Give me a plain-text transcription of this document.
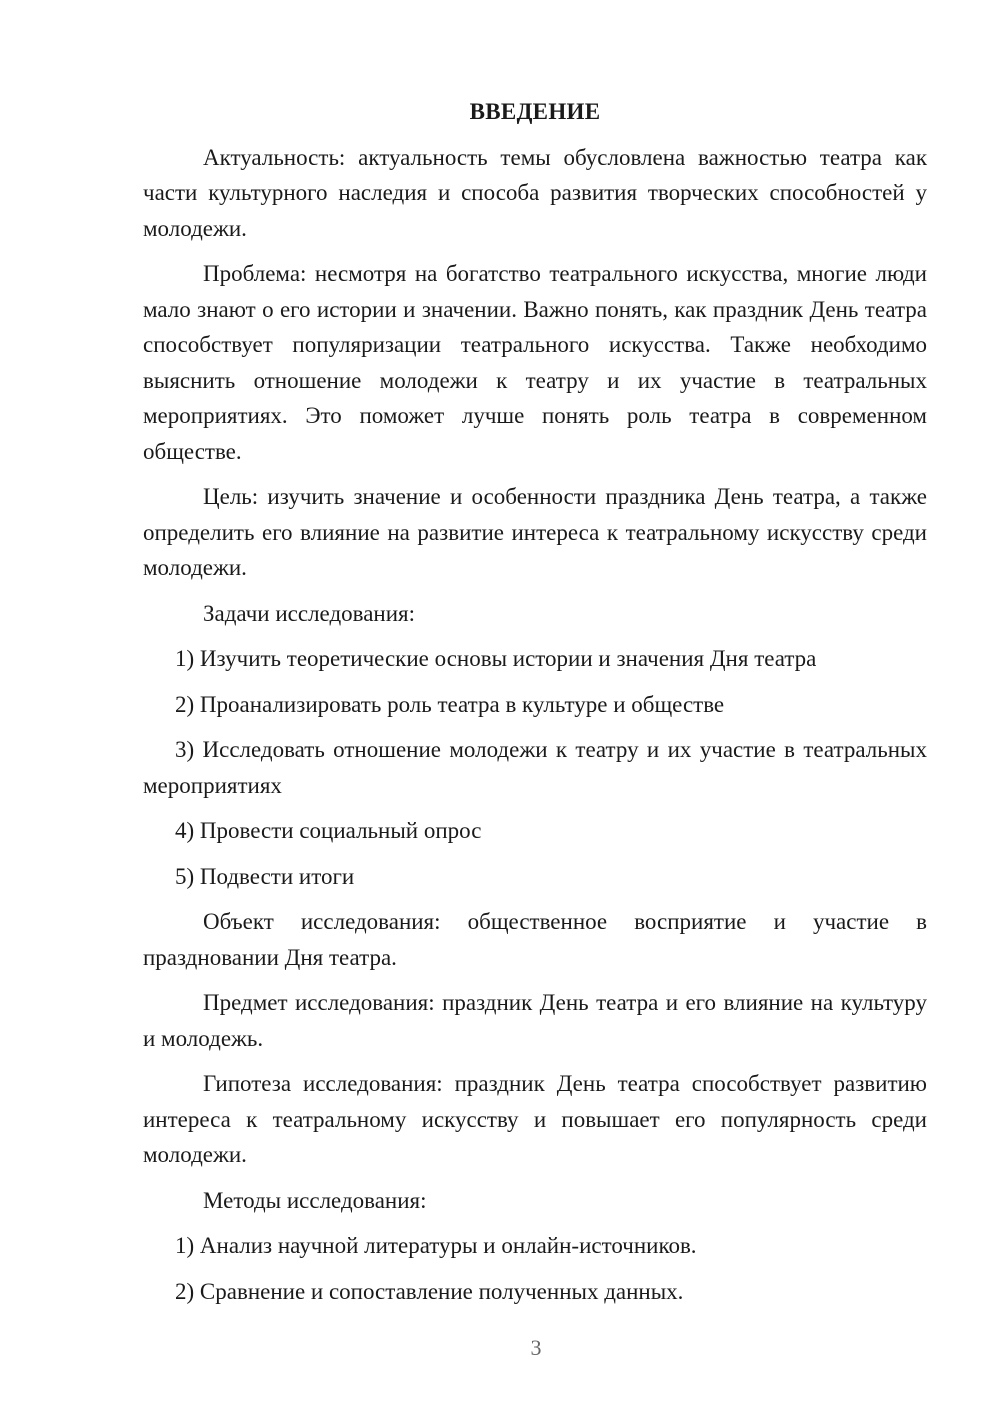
ВВЕДЕНИЕ

Актуальность: актуальность темы обусловлена важностью театра как части культурного наследия и способа развития творческих способностей у молодежи.

Проблема: несмотря на богатство театрального искусства, многие люди мало знают о его истории и значении. Важно понять, как праздник День театра способствует популяризации театрального искусства. Также необходимо выяснить отношение молодежи к театру и их участие в театральных мероприятиях. Это поможет лучше понять роль театра в современном обществе.

Цель: изучить значение и особенности праздника День театра, а также определить его влияние на развитие интереса к театральному искусству среди молодежи.

Задачи исследования:

1) Изучить теоретические основы истории и значения Дня театра

2) Проанализировать роль театра в культуре и обществе

3) Исследовать отношение молодежи к театру и их участие в театральных мероприятиях

4) Провести социальный опрос

5) Подвести итоги

Объект исследования: общественное восприятие и участие в праздновании Дня театра.

Предмет исследования: праздник День театра и его влияние на культуру и молодежь.

Гипотеза исследования: праздник День театра способствует развитию интереса к театральному искусству и повышает его популярность среди молодежи.

Методы исследования:

1) Анализ научной литературы и онлайн-источников.

2) Сравнение и сопоставление полученных данных.

3
